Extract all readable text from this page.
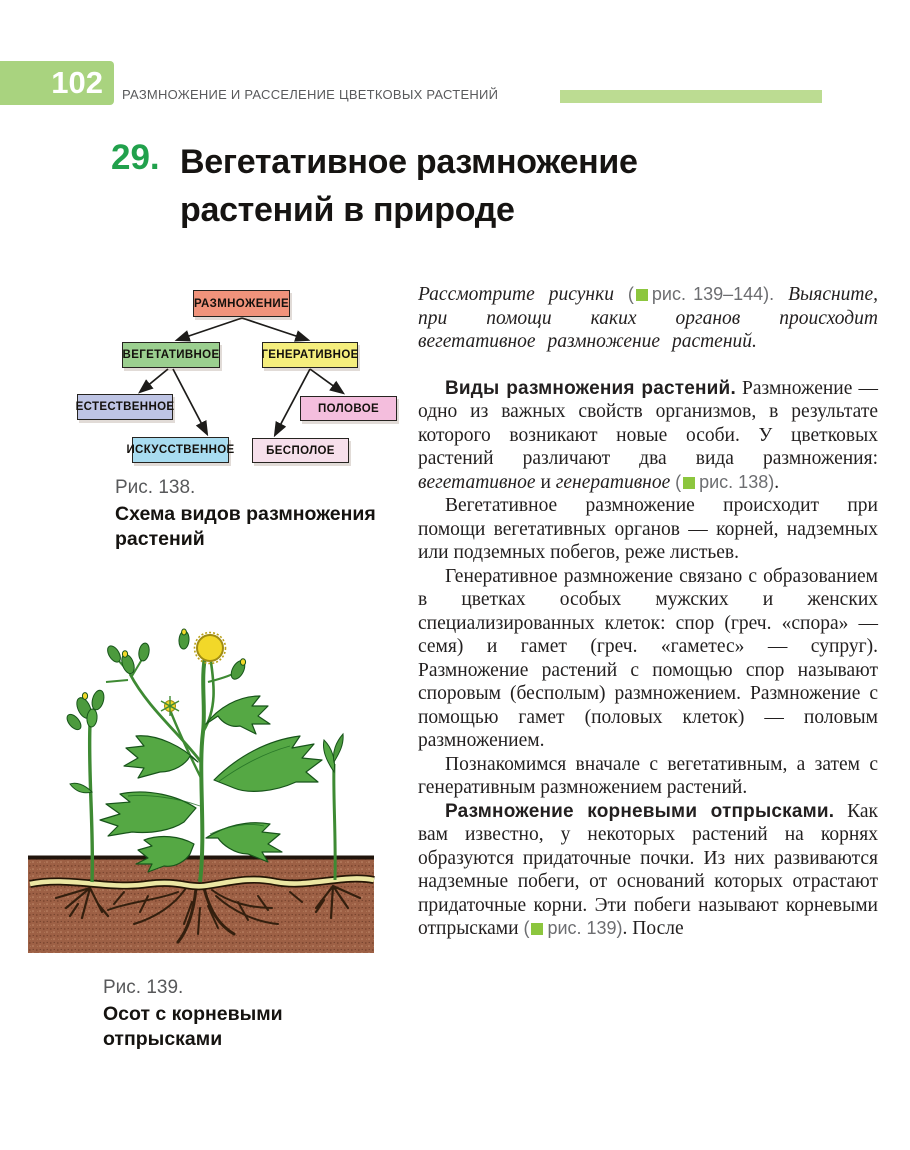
102	РАЗМНОЖЕНИЕ И РАССЕЛЕНИЕ ЦВЕТКОВЫХ РАСТЕНИЙ
29. Вегетативное размножение
растений в природе
РАЗМНОЖЕНИЕ
ВЕГЕТАТИВНОЕ	ГЕНЕРАТИВНОЕ
ЕСТЕСТВЕННОЕ	ПОЛОВОЕ
ИСКУССТВЕННОЕ	БЕСПОЛОЕ
Рис. 138.
Схема видов размножения растений
Рис. 139.
Осот с корневыми отпрысками

Рассмотрите рисунки ( рис. 139–144). Выясните, при помощи каких органов происходит вегетативное размножение растений.

Виды размножения растений. Размножение — одно из важных свойств организмов, в результате которого возникают новые особи. У цветковых растений различают два вида размножения: вегетативное и генеративное ( рис. 138).

Вегетативное размножение происходит при помощи вегетативных органов — корней, надземных или подземных побегов, реже листьев.

Генеративное размножение связано с образованием в цветках особых мужских и женских специализированных клеток: спор (греч. «спора» — семя) и гамет (греч. «гаметес» — супруг). Размножение растений с помощью спор называют споровым (бесполым) размножением. Размножение с помощью гамет (половых клеток) — половым размножением.

Познакомимся вначале с вегетативным, а затем с генеративным размножением растений.

Размножение корневыми отпрысками. Как вам известно, у некоторых растений на корнях образуются придаточные почки. Из них развиваются надземные побеги, от оснований которых отрастают придаточные корни. Эти побеги называют корневыми отпрысками ( рис. 139). После
